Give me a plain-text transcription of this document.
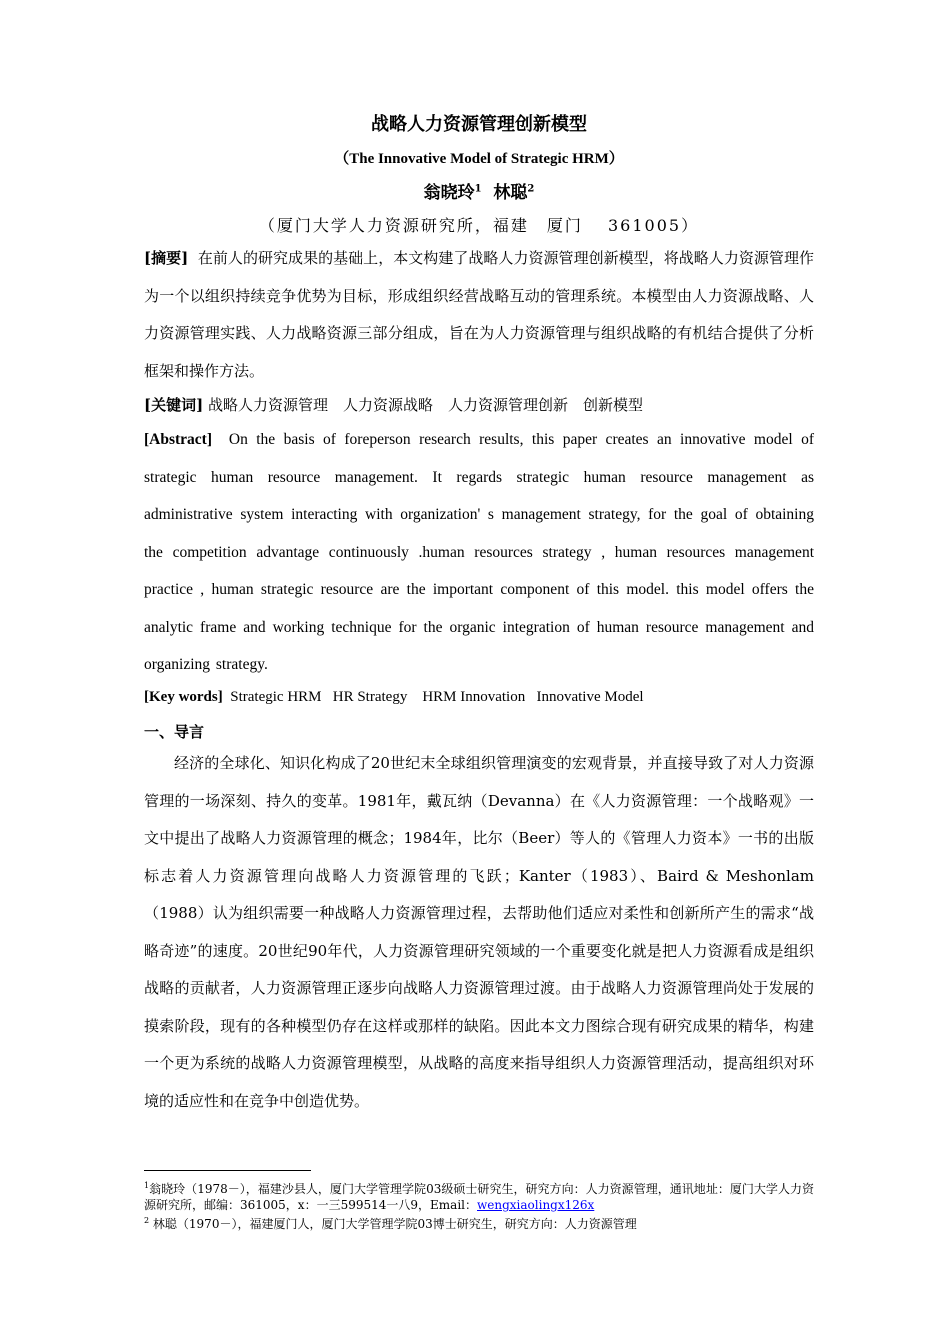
战略人力资源管理创新模型
（The Innovative Model of Strategic HRM）
翁晓玲$^1$ 林聪$^2$
（厦门大学人力资源研究所，福建　厦门　 361005）

[摘要] 在前人的研究成果的基础上，本文构建了战略人力资源管理创新模型，将战略人力资源管理作为一个以组织持续竞争优势为目标，形成组织经营战略互动的管理系统。本模型由人力资源战略、人力资源管理实践、人力战略资源三部分组成，旨在为人力资源管理与组织战略的有机结合提供了分析框架和操作方法。

[关键词] 战略人力资源管理　人力资源战略　人力资源管理创新　创新模型

[Abstract] On the basis of foreperson research results, this paper creates an innovative model of strategic human resource management. It regards strategic human resource management as administrative system interacting with organization' s management strategy, for the goal of obtaining the competition advantage continuously .human resources strategy , human resources management practice , human strategic resource are the important component of this model. this model offers the analytic frame and working technique for the organic integration of human resource management and organizing strategy.

[Key words] Strategic HRM   HR Strategy    HRM Innovation   Innovative Model

一、导言

经济的全球化、知识化构成了20世纪末全球组织管理演变的宏观背景，并直接导致了对人力资源管理的一场深刻、持久的变革。1981年，戴瓦纳（Devanna）在《人力资源管理：一个战略观》一文中提出了战略人力资源管理的概念；1984年，比尔（Beer）等人的《管理人力资本》一书的出版标志着人力资源管理向战略人力资源管理的飞跃；Kanter（1983）、Baird & Meshonlam（1988）认为组织需要一种战略人力资源管理过程，去帮助他们适应对柔性和创新所产生的需求“战略奇迹”的速度。20世纪90年代，人力资源管理研究领域的一个重要变化就是把人力资源看成是组织战略的贡献者，人力资源管理正逐步向战略人力资源管理过渡。由于战略人力资源管理尚处于发展的摸索阶段，现有的各种模型仍存在这样或那样的缺陷。因此本文力图综合现有研究成果的精华，构建一个更为系统的战略人力资源管理模型，从战略的高度来指导组织人力资源管理活动，提高组织对环境的适应性和在竞争中创造优势。

$^1$翁晓玲（1978－），福建沙县人，厦门大学管理学院03级硕士研究生，研究方向：人力资源管理，通讯地址：厦门大学人力资源研究所，邮编：361005，x：一三599514一八9，Email：wengxiaolingx126x

$^2$ 林聪（1970－），福建厦门人，厦门大学管理学院03博士研究生，研究方向：人力资源管理
